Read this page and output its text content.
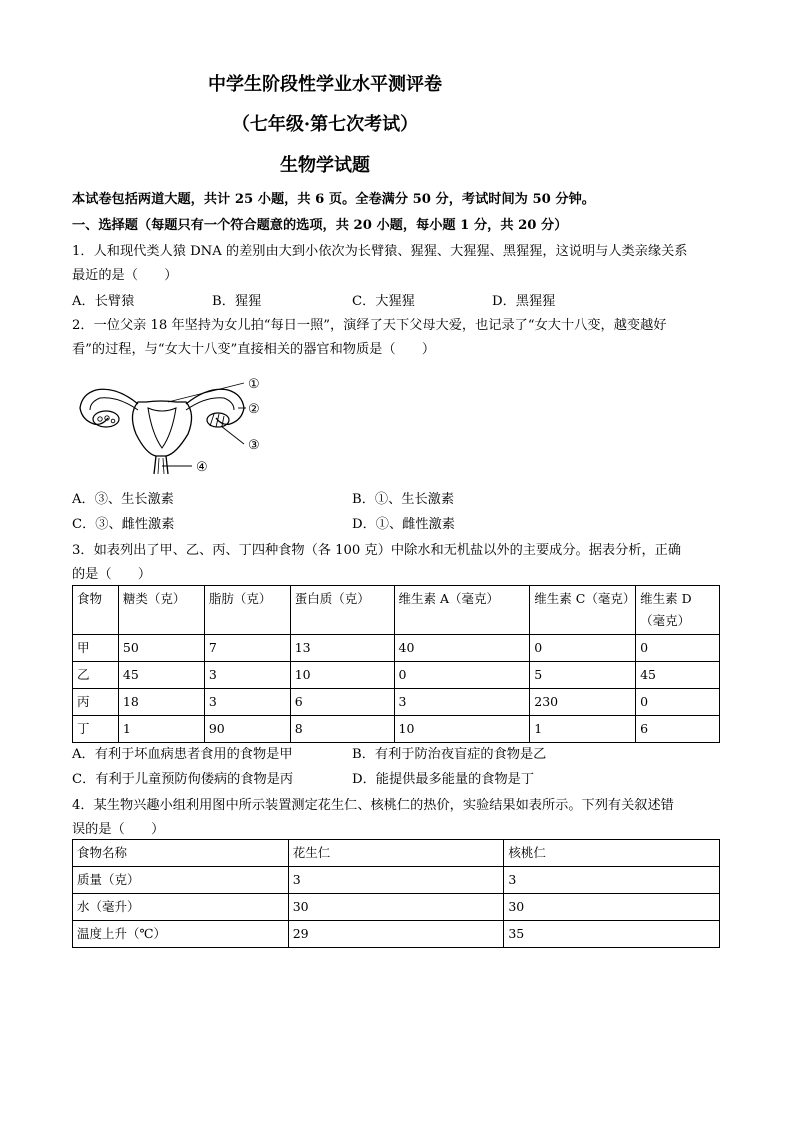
中学生阶段性学业水平测评卷
（七年级·第七次考试）
生物学试题
本试卷包括两道大题，共计 25 小题，共 6 页。全卷满分 50 分，考试时间为 50 分钟。
一、选择题（每题只有一个符合题意的选项，共 20 小题，每小题 1 分，共 20 分）
1．人和现代类人猿 DNA 的差别由大到小依次为长臂猿、猩猩、大猩猩、黑猩猩，这说明与人类亲缘关系
最近的是（　　）
A．长臂猿	B．猩猩	C．大猩猩	D．黑猩猩
2．一位父亲 18 年坚持为女儿拍“每日一照”，演绎了天下父母大爱，也记录了“女大十八变，越变越好
看”的过程，与“女大十八变”直接相关的器官和物质是（　　）
①
②
③
④
A．③、生长激素	B．①、生长激素
C．③、雌性激素	D．①、雌性激素
3．如表列出了甲、乙、丙、丁四种食物（各 100 克）中除水和无机盐以外的主要成分。据表分析，正确
的是（　　）
食物	糖类（克）	脂肪（克）	蛋白质（克）	维生素 A（毫克）	维生素 C（毫克）	维生素 D（毫克）
甲	50	7	13	40	0	0
乙	45	3	10	0	5	45
丙	18	3	6	3	230	0
丁	1	90	8	10	1	6
A．有利于坏血病患者食用的食物是甲	B．有利于防治夜盲症的食物是乙
C．有利于儿童预防佝偻病的食物是丙	D．能提供最多能量的食物是丁
4．某生物兴趣小组利用图中所示装置测定花生仁、核桃仁的热价，实验结果如表所示。下列有关叙述错
误的是（　　）
食物名称	花生仁	核桃仁
质量（克）	3	3
水（毫升）	30	30
温度上升（℃）	29	35
